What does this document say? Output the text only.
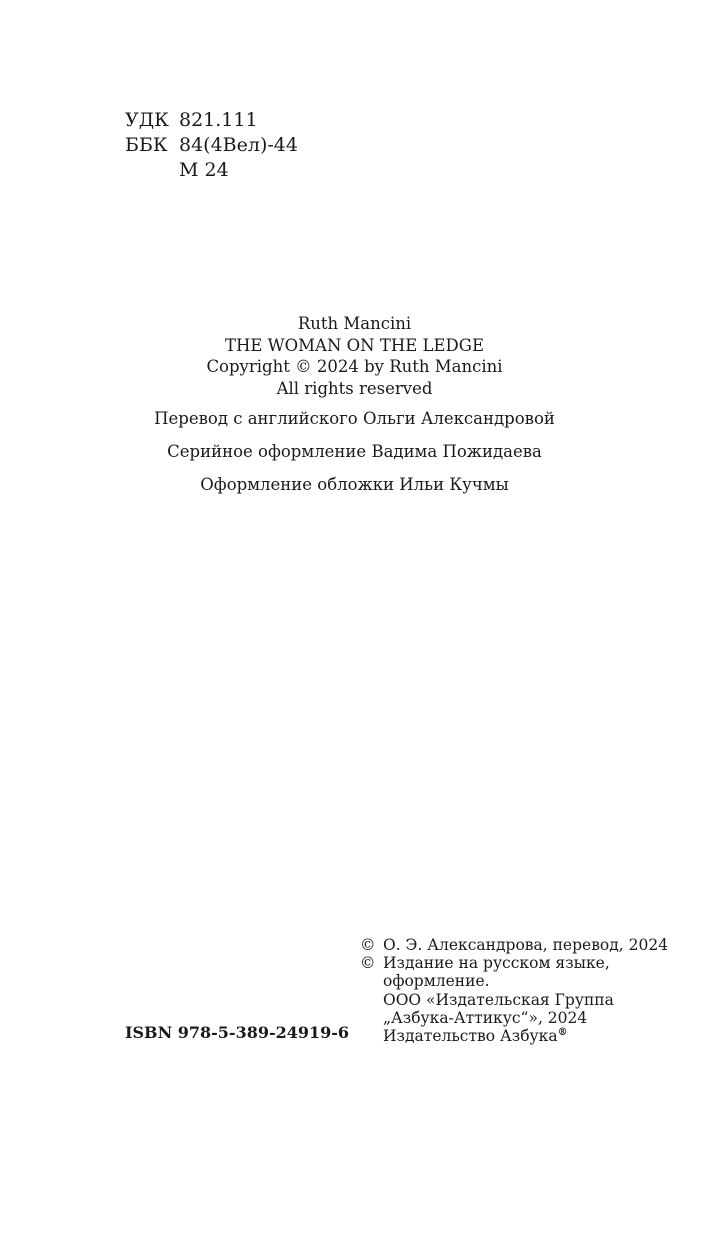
УДК 821.111
ББК 84(4Вел)-44
М 24
Ruth Mancini
THE WOMAN ON THE LEDGE
Copyright © 2024 by Ruth Mancini
All rights reserved
Перевод с английского Ольги Александровой
Серийное оформление Вадима Пожидаева
Оформление обложки Ильи Кучмы
© О. Э. Александрова, перевод, 2024
© Издание на русском языке,
оформление.
ООО «Издательская Группа
„Азбука-Аттикус“», 2024
Издательство Азбука®
ISBN 978-5-389-24919-6
